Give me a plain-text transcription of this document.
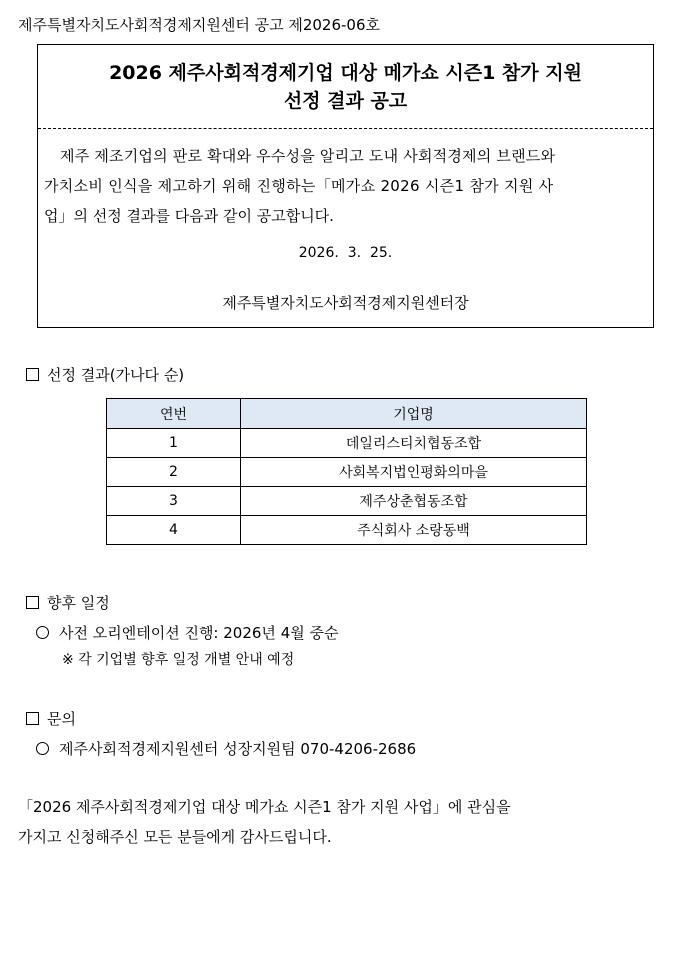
제주특별자치도사회적경제지원센터 공고 제2026-06호
2026 제주사회적경제기업 대상 메가쇼 시즌1 참가 지원
선정 결과 공고
제주 제조기업의 판로 확대와 우수성을 알리고 도내 사회적경제의 브랜드와
가치소비 인식을 제고하기 위해 진행하는「메가쇼 2026 시즌1 참가 지원 사
업」의 선정 결과를 다음과 같이 공고합니다.
2026.  3.  25.
제주특별자치도사회적경제지원센터장
선정 결과(가나다 순)
연번	기업명
1	데일리스티치협동조합
2	사회복지법인평화의마을
3	제주상춘협동조합
4	주식회사 소랑동백
향후 일정
사전 오리엔테이션 진행: 2026년 4월 중순
※ 각 기업별 향후 일정 개별 안내 예정
문의
제주사회적경제지원센터 성장지원팀 070-4206-2686
「2026 제주사회적경제기업 대상 메가쇼 시즌1 참가 지원 사업」에 관심을
가지고 신청해주신 모든 분들에게 감사드립니다.
